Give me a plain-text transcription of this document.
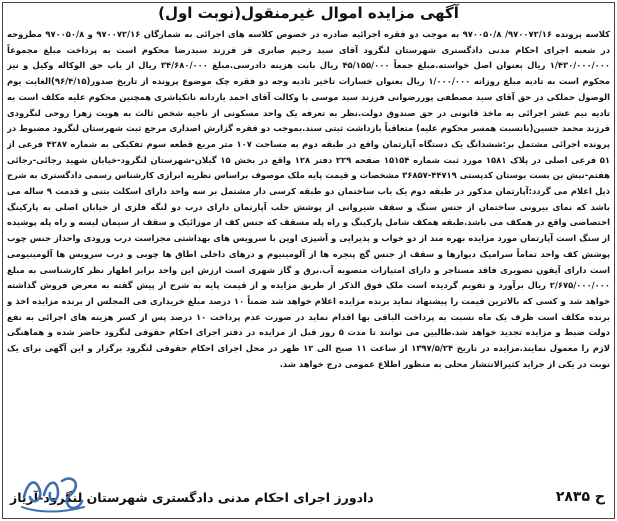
آگهی مزایده اموال غیرمنقول(نوبت اول)
کلاسه پرونده ۹۷۰۰۷۲/۱۶/ ۹۷۰۰۵۰/۸ به موجب دو فقره اجرائیه صادره در خصوص کلاسه های اجرائی به شمارگان ۹۷۰۰۷۲/۱۶ و ۹۷۰۰۵۰/۸ مطروحه در شعبه اجرای احکام مدنی دادگستری شهرستان لنگرود آقای سید رحیم صابری فر فرزند سیدرضا محکوم است به پرداخت مبلغ مجموعاً ۱/۴۳۰/۰۰۰/۰۰۰ ریال بعنوان اصل خواسته.مبلغ جمعاً ۴۵/۱۵۵/۰۰۰ ریال بابت هزینه دادرسی.مبلغ ۳۴/۶۸۰/۰۰۰ ریال از باب حق الوکاله وکیل و نیز محکوم است به تادیه مبلغ روزانه ۱/۰۰۰/۰۰۰ ریال بعنوان خسارات تاخیر تادیه وجه دو فقره چک موضوع پرونده از تاریخ صدور(۹۶/۴/۱۵)الغایت یوم الوصول حملکی در حق آقای سید مصطفی پوررضوانی فرزند سید موسی با وکالت آقای احمد یاردانه نانکیاشری همچنین محکوم علیه مکلف است به تادیه نیم عشر اجرائی به ماخذ قانونی در حق صندوق دولت.نظر به تعرفه یک واحد مسکونی از ناحیه شخص ثالث به هویت زهرا روحی لنگرودی فرزند محمد حسین(بانسبت همسر محکوم علیه) متعاقباً بازداشت ثبتی سند.بموجب دو فقره گزارش اصداری مرجع ثبت شهرستان لنگرود مضبوط در پرونده اجرائی مشتمل بر:ششدانگ یک دستگاه آپارتمان واقع در طبقه دوم به مساحت ۱۰۷ متر مربع قطعه سوم تفکیکی به شماره ۴۲۸۷ فرعی از ۵۱ فرعی اصلی در پلاک ۱۵۸۱ مورد ثبت شماره ۱۵۱۵۴ صفحه ۲۲۹ دفتر ۱۲۸ واقع در بخش ۱۵ گیلان-شهرستان لنگرود-خیابان شهید رجائی-رجائی هفتم-نبش بن بست بوستان کدپستی ۴۴۷۱۹-۳۶۸۵۷ مشخصات و قیمت پایه ملک موصوف براساس نظریه ابرازی کارشناس رسمی دادگستری به شرح ذیل اعلام می گردد:آپارتمان مذکور در طبقه دوم یک باب ساختمان دو طبقه کرسی دار مشتمل بر سه واحد دارای اسکلت بتنی و قدمت ۹ ساله می باشد که نمای بیرونی ساختمان از جنس سنگ و سقف شیروانی از پوشش حلب آپارتمان دارای درب دو لنگه فلزی از خیابان اصلی به پارکینگ اختصاصی واقع در همکف می باشد.طبقه همکف شامل پارکینگ و راه پله مسقف که جنس کف از موزائیک و سقف از سیمان لیسه و راه پله پوشیده از سنگ است آپارتمان مورد مزایده بهره مند از دو خواب و پذیرایی و آشپزی اوپن با سرویس های بهداشتی مجزاست درب ورودی واحداز جنس چوب پوشش کف واحد تماماً سرامیک دیوارها و سقف از جنس گچ پنجره ها از آلومینیوم و درهای داخلی اطاق ها چوبی و درب سرویس ها آلومینیومی است دارای آیفون تصویری فاقد مستاجر و دارای امتیازات منصوبه آب.برق و گاز شهری است ارزش این واحد برابر اظهار نظر کارشناسی به مبلغ ۲/۶۷۵/۰۰۰/۰۰۰ ریال برآورد و تقویم گردیده است ملک فوق الذکر از طریق مزایده و از قیمت پایه به شرح از پیش گفته به معرض فروش گذاشته خواهد شد و کسی که بالاترین قیمت را پیشنهاد نماید برنده مزایده اعلام خواهد شد ضمناً ۱۰ درصد مبلغ خریداری فی المجلس از برنده مزایده اخذ و برنده مکلف است ظرف یک ماه نسبت به پرداخت الباقی بها اقدام نماید در صورت عدم پرداخت ۱۰ درصد پس از کسر هزینه های اجرائی به نفع دولت ضبط و مزایده تجدید خواهد شد.طالبین می توانند تا مدت ۵ روز قبل از مزایده در دفتر اجرای احکام حقوقی لنگرود حاضر شده و هماهنگی لازم را معمول نمایند.مزایده در تاریخ ۱۳۹۷/۵/۲۴ از ساعت ۱۱ صبح الی ۱۲ ظهر در محل اجرای احکام حقوقی لنگرود برگزار و این آگهی برای یک نوبت در یکی از جراید کثیرالانتشار محلی به منظور اطلاع عمومی درج خواهد شد.
ح ۲۸۳۵
دادورز اجرای احکام مدنی دادگستری شهرستان لنگرود-آریاز
